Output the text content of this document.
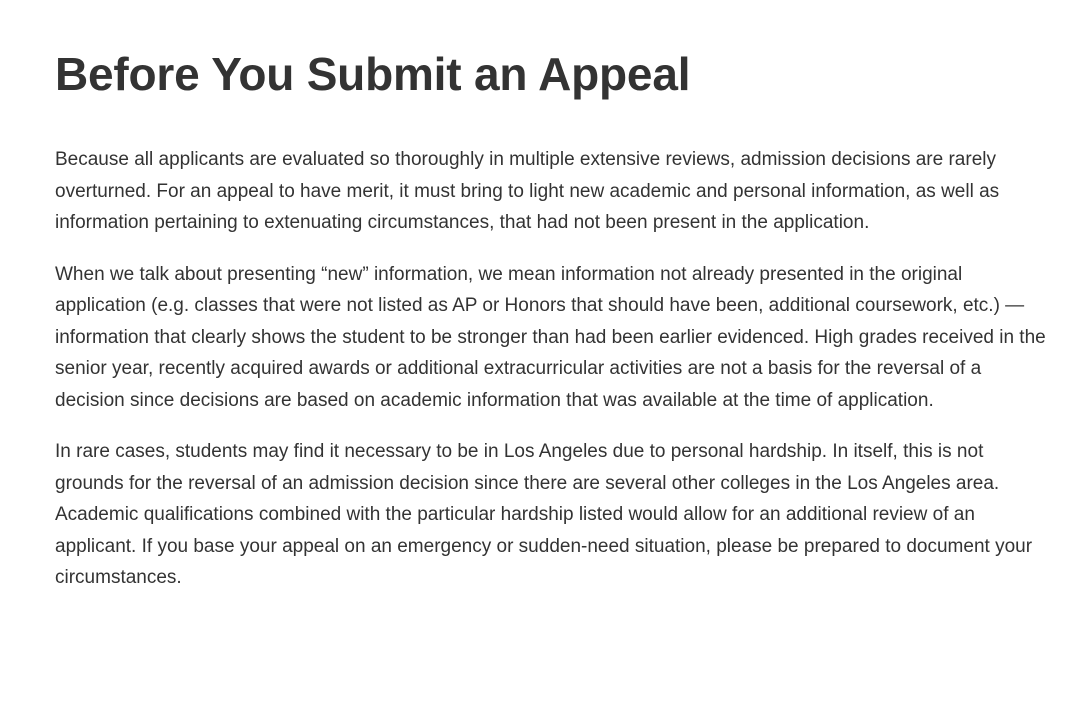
Before You Submit an Appeal

Because all applicants are evaluated so thoroughly in multiple extensive reviews, admission decisions are rarely overturned. For an appeal to have merit, it must bring to light new academic and personal information, as well as information pertaining to extenuating circumstances, that had not been present in the application.

When we talk about presenting “new” information, we mean information not already presented in the original application (e.g. classes that were not listed as AP or Honors that should have been, additional coursework, etc.) — information that clearly shows the student to be stronger than had been earlier evidenced. High grades received in the senior year, recently acquired awards or additional extracurricular activities are not a basis for the reversal of a decision since decisions are based on academic information that was available at the time of application.

In rare cases, students may find it necessary to be in Los Angeles due to personal hardship. In itself, this is not grounds for the reversal of an admission decision since there are several other colleges in the Los Angeles area. Academic qualifications combined with the particular hardship listed would allow for an additional review of an applicant. If you base your appeal on an emergency or sudden-need situation, please be prepared to document your circumstances.
